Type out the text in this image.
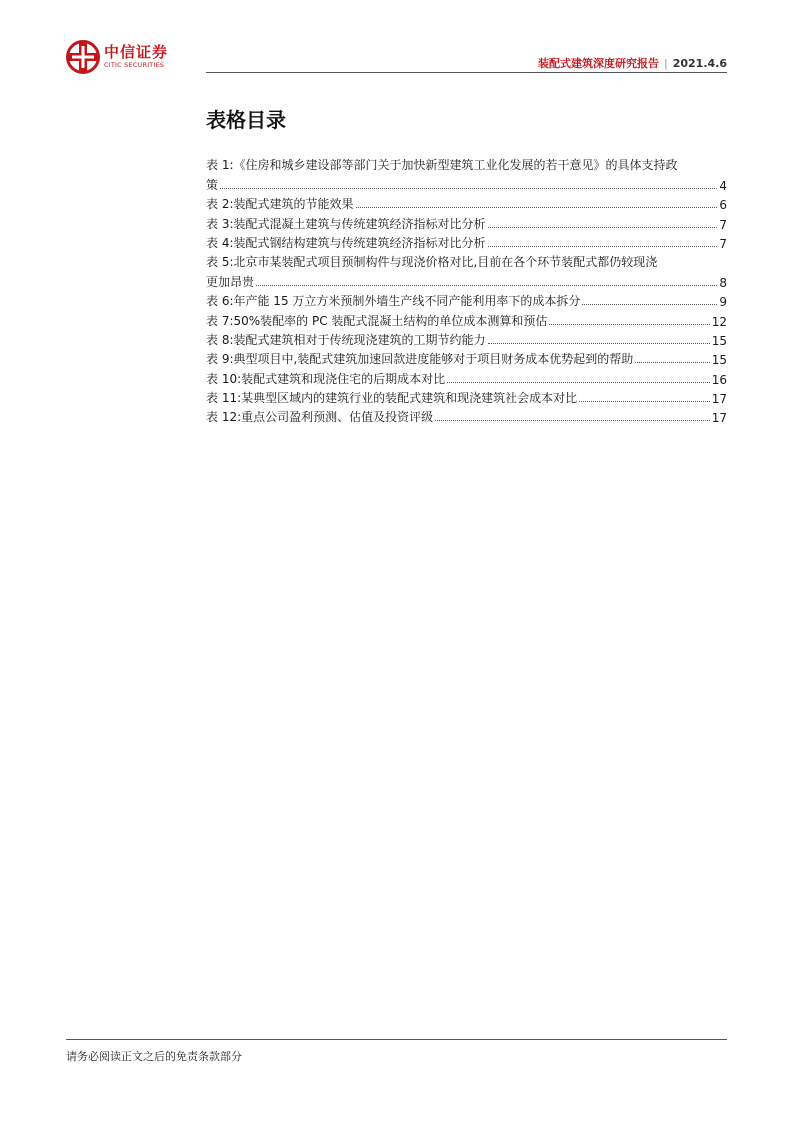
中信证券
CITIC SECURITIES	装配式建筑深度研究报告 | 2021.4.6
表格目录
表 1:《住房和城乡建设部等部门关于加快新型建筑工业化发展的若干意见》的具体支持政
策	4
表 2:装配式建筑的节能效果	6
表 3:装配式混凝土建筑与传统建筑经济指标对比分析	7
表 4:装配式钢结构建筑与传统建筑经济指标对比分析	7
表 5:北京市某装配式项目预制构件与现浇价格对比,目前在各个环节装配式都仍较现浇
更加昂贵	8
表 6:年产能 15 万立方米预制外墙生产线不同产能利用率下的成本拆分	9
表 7:50%装配率的 PC 装配式混凝土结构的单位成本测算和预估	12
表 8:装配式建筑相对于传统现浇建筑的工期节约能力	15
表 9:典型项目中,装配式建筑加速回款进度能够对于项目财务成本优势起到的帮助	15
表 10:装配式建筑和现浇住宅的后期成本对比	16
表 11:某典型区域内的建筑行业的装配式建筑和现浇建筑社会成本对比	17
表 12:重点公司盈利预测、估值及投资评级	17
请务必阅读正文之后的免责条款部分
